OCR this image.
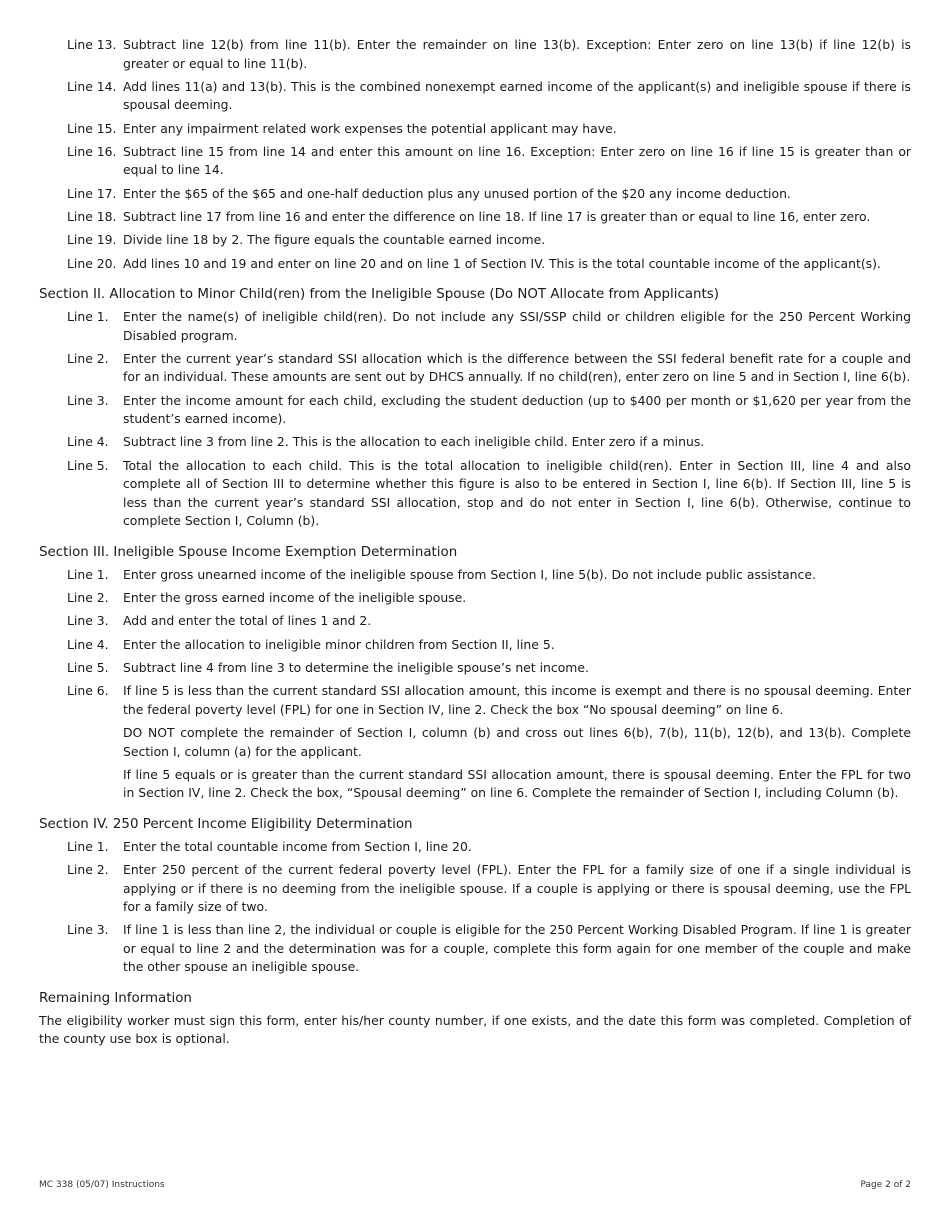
Line 13. Subtract line 12(b) from line 11(b). Enter the remainder on line 13(b). Exception: Enter zero on line 13(b) if line 12(b) is greater or equal to line 11(b).
Line 14. Add lines 11(a) and 13(b). This is the combined nonexempt earned income of the applicant(s) and ineligible spouse if there is spousal deeming.
Line 15. Enter any impairment related work expenses the potential applicant may have.
Line 16. Subtract line 15 from line 14 and enter this amount on line 16. Exception: Enter zero on line 16 if line 15 is greater than or equal to line 14.
Line 17. Enter the $65 of the $65 and one-half deduction plus any unused portion of the $20 any income deduction.
Line 18. Subtract line 17 from line 16 and enter the difference on line 18. If line 17 is greater than or equal to line 16, enter zero.
Line 19. Divide line 18 by 2. The figure equals the countable earned income.
Line 20. Add lines 10 and 19 and enter on line 20 and on line 1 of Section IV. This is the total countable income of the applicant(s).
Section II. Allocation to Minor Child(ren) from the Ineligible Spouse (Do NOT Allocate from Applicants)
Line 1.	Enter the name(s) of ineligible child(ren). Do not include any SSI/SSP child or children eligible for the 250 Percent Working Disabled program.
Line 2.	Enter the current year’s standard SSI allocation which is the difference between the SSI federal benefit rate for a couple and for an individual. These amounts are sent out by DHCS annually. If no child(ren), enter zero on line 5 and in Section I, line 6(b).
Line 3.	Enter the income amount for each child, excluding the student deduction (up to $400 per month or $1,620 per year from the student’s earned income).
Line 4.	Subtract line 3 from line 2. This is the allocation to each ineligible child. Enter zero if a minus.
Line 5.	Total the allocation to each child. This is the total allocation to ineligible child(ren). Enter in Section III, line 4 and also complete all of Section III to determine whether this figure is also to be entered in Section I, line 6(b). If Section III, line 5 is less than the current year’s standard SSI allocation, stop and do not enter in Section I, line 6(b). Otherwise, continue to complete Section I, Column (b).
Section III. Ineligible Spouse Income Exemption Determination
Line 1.	Enter gross unearned income of the ineligible spouse from Section I, line 5(b). Do not include public assistance.
Line 2.	Enter the gross earned income of the ineligible spouse.
Line 3.	Add and enter the total of lines 1 and 2.
Line 4.	Enter the allocation to ineligible minor children from Section II, line 5.
Line 5.	Subtract line 4 from line 3 to determine the ineligible spouse’s net income.
Line 6.	If line 5 is less than the current standard SSI allocation amount, this income is exempt and there is no spousal deeming. Enter the federal poverty level (FPL) for one in Section IV, line 2. Check the box “No spousal deeming” on line 6.
DO NOT complete the remainder of Section I, column (b) and cross out lines 6(b), 7(b), 11(b), 12(b), and 13(b). Complete Section I, column (a) for the applicant.
If line 5 equals or is greater than the current standard SSI allocation amount, there is spousal deeming. Enter the FPL for two in Section IV, line 2. Check the box, “Spousal deeming” on line 6. Complete the remainder of Section I, including Column (b).
Section IV. 250 Percent Income Eligibility Determination
Line 1.	Enter the total countable income from Section I, line 20.
Line 2.	Enter 250 percent of the current federal poverty level (FPL). Enter the FPL for a family size of one if a single individual is applying or if there is no deeming from the ineligible spouse. If a couple is applying or there is spousal deeming, use the FPL for a family size of two.
Line 3.	If line 1 is less than line 2, the individual or couple is eligible for the 250 Percent Working Disabled Program. If line 1 is greater or equal to line 2 and the determination was for a couple, complete this form again for one member of the couple and make the other spouse an ineligible spouse.
Remaining Information

The eligibility worker must sign this form, enter his/her county number, if one exists, and the date this form was completed. Completion of the county use box is optional.

MC 338 (05/07) Instructions	Page 2 of 2
